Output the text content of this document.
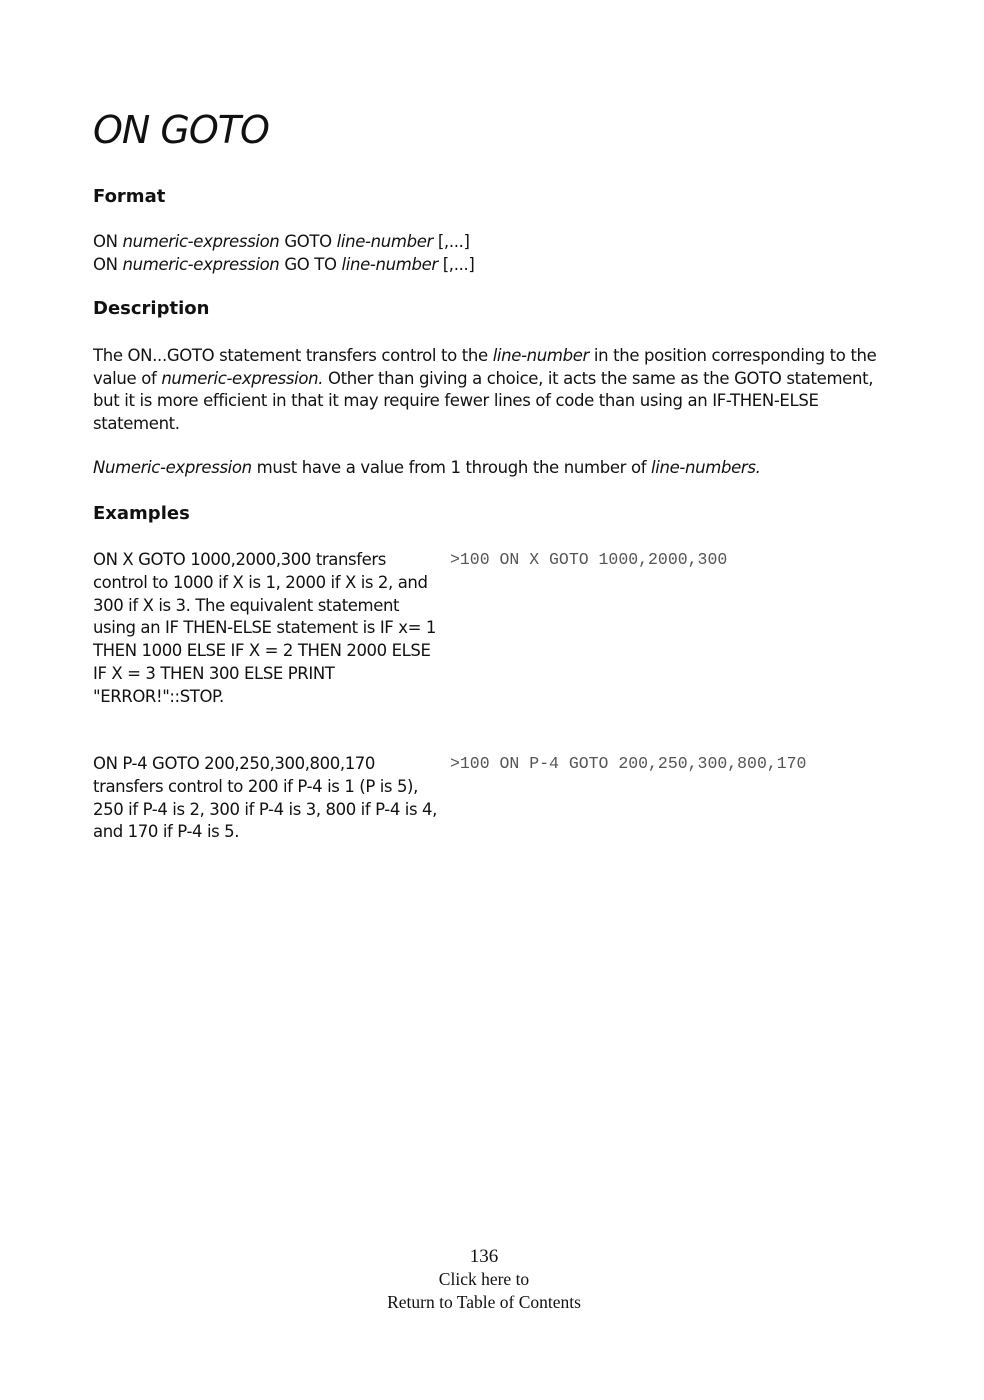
ON GOTO
Format
ON numeric-expression GOTO line-number [,...]
ON numeric-expression GO TO line-number [,...]
Description

The ON...GOTO statement transfers control to the line-number in the position corresponding to the value of numeric-expression. Other than giving a choice, it acts the same as the GOTO statement, but it is more efficient in that it may require fewer lines of code than using an IF-THEN-ELSE statement.

Numeric-expression must have a value from 1 through the number of line-numbers.

Examples

ON X GOTO 1000,2000,300 transfers control to 1000 if X is 1, 2000 if X is 2, and 300 if X is 3. The equivalent statement using an IF THEN-ELSE statement is IF x= 1 THEN 1000 ELSE IF X = 2 THEN 2000 ELSE IF X = 3 THEN 300 ELSE PRINT "ERROR!"::STOP.

>100 ON X GOTO 1000,2000,300

ON P-4 GOTO 200,250,300,800,170 transfers control to 200 if P-4 is 1 (P is 5), 250 if P-4 is 2, 300 if P-4 is 3, 800 if P-4 is 4, and 170 if P-4 is 5.

>100 ON P-4 GOTO 200,250,300,800,170
136
Click here to
Return to Table of Contents
